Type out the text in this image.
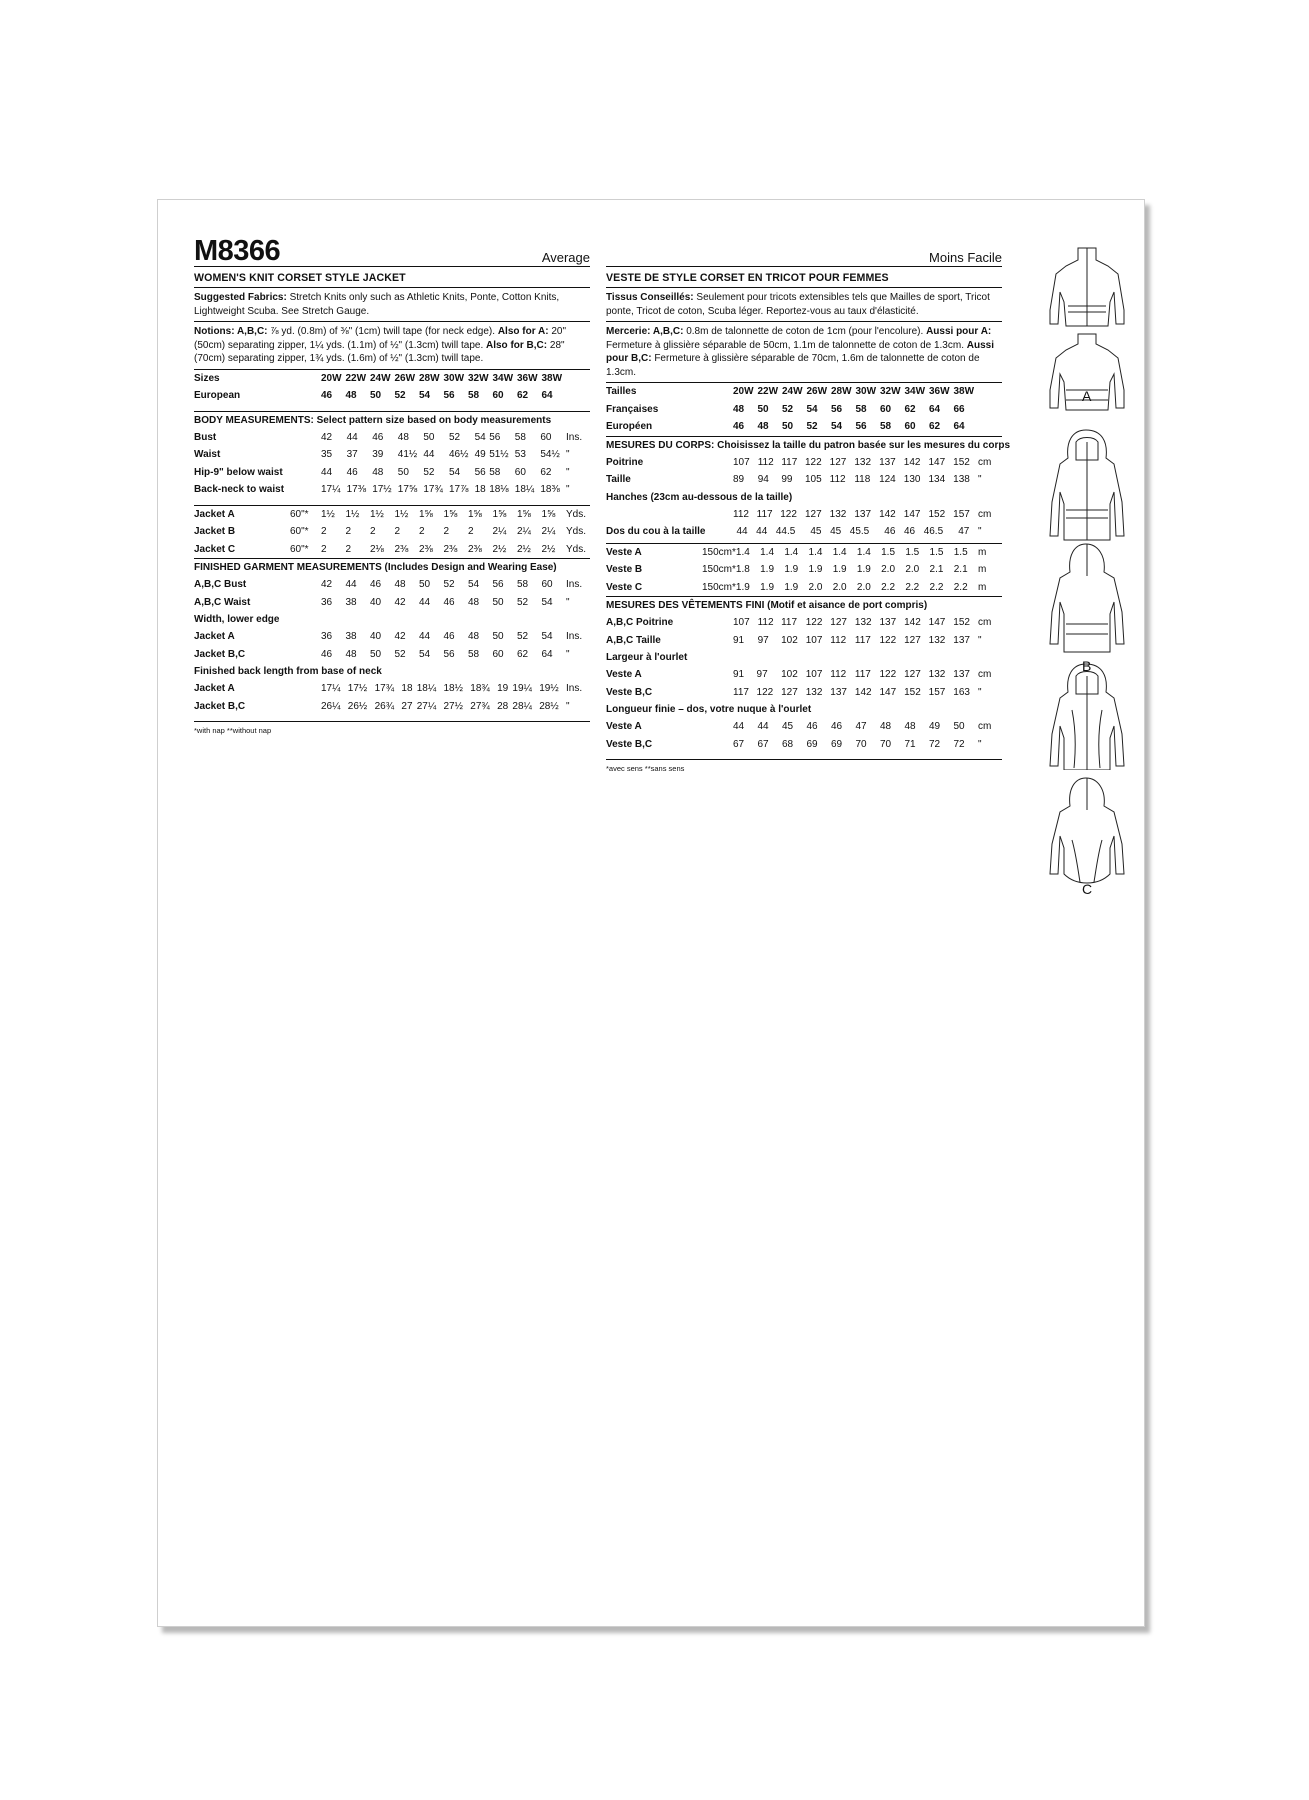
M8366	Average
WOMEN'S KNIT CORSET STYLE JACKET
Suggested Fabrics: Stretch Knits only such as Athletic Knits, Ponte, Cotton Knits, Lightweight Scuba. See Stretch Gauge.
Notions: A,B,C: ⅞ yd. (0.8m) of ⅜" (1cm) twill tape (for neck edge). Also for A: 20" (50cm) separating zipper, 1¼ yds. (1.1m) of ½" (1.3cm) twill tape. Also for B,C: 28" (70cm) separating zipper, 1¾ yds. (1.6m) of ½" (1.3cm) twill tape.
Sizes		20W	22W	24W	26W	28W	30W	32W	34W	36W	38W	
European		46	48	50	52	54	56	58	60	62	64	
BODY MEASUREMENTS: Select pattern size based on body measurements
Bust		42	44	46	48	50	52	54	56	58	60	Ins.
Waist		35	37	39	41½	44	46½	49	51½	53	54½	"
Hip-9" below waist		44	46	48	50	52	54	56	58	60	62	"
Back-neck to waist		17¼	17⅜	17½	17⅝	17¾	17⅞	18	18⅛	18¼	18⅜	"
Jacket A	60"*	1½	1½	1½	1½	1⅝	1⅝	1⅝	1⅝	1⅝	1⅝	Yds.
Jacket B	60"*	2	2	2	2	2	2	2	2¼	2¼	2¼	Yds.
Jacket C	60"*	2	2	2⅛	2⅜	2⅜	2⅜	2⅜	2½	2½	2½	Yds.
FINISHED GARMENT MEASUREMENTS (Includes Design and Wearing Ease)
A,B,C Bust		42	44	46	48	50	52	54	56	58	60	Ins.
A,B,C Waist		36	38	40	42	44	46	48	50	52	54	"
Width, lower edge
Jacket A		36	38	40	42	44	46	48	50	52	54	Ins.
Jacket B,C		46	48	50	52	54	56	58	60	62	64	"
Finished back length from base of neck
Jacket A		17¼	17½	17¾	18	18¼	18½	18¾	19	19¼	19½	Ins.
Jacket B,C		26¼	26½	26¾	27	27¼	27½	27¾	28	28¼	28½	"
*with nap **without nap
Moins Facile
VESTE DE STYLE CORSET EN TRICOT POUR FEMMES
Tissus Conseillés: Seulement pour tricots extensibles tels que Mailles de sport, Tricot ponte, Tricot de coton, Scuba léger. Reportez-vous au taux d'élasticité.
Mercerie: A,B,C: 0.8m de talonnette de coton de 1cm (pour l'encolure). Aussi pour A: Fermeture à glissière séparable de 50cm, 1.1m de talonnette de coton de 1.3cm. Aussi pour B,C: Fermeture à glissière séparable de 70cm, 1.6m de talonnette de coton de 1.3cm.
Tailles		20W	22W	24W	26W	28W	30W	32W	34W	36W	38W	
Françaises		48	50	52	54	56	58	60	62	64	66	
Européen		46	48	50	52	54	56	58	60	62	64	
MESURES DU CORPS: Choisissez la taille du patron basée sur les mesures du corps
Poitrine		107	112	117	122	127	132	137	142	147	152	cm
Taille		89	94	99	105	112	118	124	130	134	138	"
Hanches (23cm au-dessous de la taille)
		112	117	122	127	132	137	142	147	152	157	cm
Dos du cou à la taille		44	44	44.5	45	45	45.5	46	46	46.5	47	"
Veste A	150cm*	1.4	1.4	1.4	1.4	1.4	1.4	1.5	1.5	1.5	1.5	m
Veste B	150cm*	1.8	1.9	1.9	1.9	1.9	1.9	2.0	2.0	2.1	2.1	m
Veste C	150cm*	1.9	1.9	1.9	2.0	2.0	2.0	2.2	2.2	2.2	2.2	m
MESURES DES VÊTEMENTS FINI (Motif et aisance de port compris)
A,B,C Poitrine		107	112	117	122	127	132	137	142	147	152	cm
A,B,C Taille		91	97	102	107	112	117	122	127	132	137	"
Largeur à l'ourlet
Veste A		91	97	102	107	112	117	122	127	132	137	cm
Veste B,C		117	122	127	132	137	142	147	152	157	163	"
Longueur finie – dos, votre nuque à l'ourlet
Veste A		44	44	45	46	46	47	48	48	49	50	cm
Veste B,C		67	67	68	69	69	70	70	71	72	72	"
*avec sens **sans sens
A
B
C
